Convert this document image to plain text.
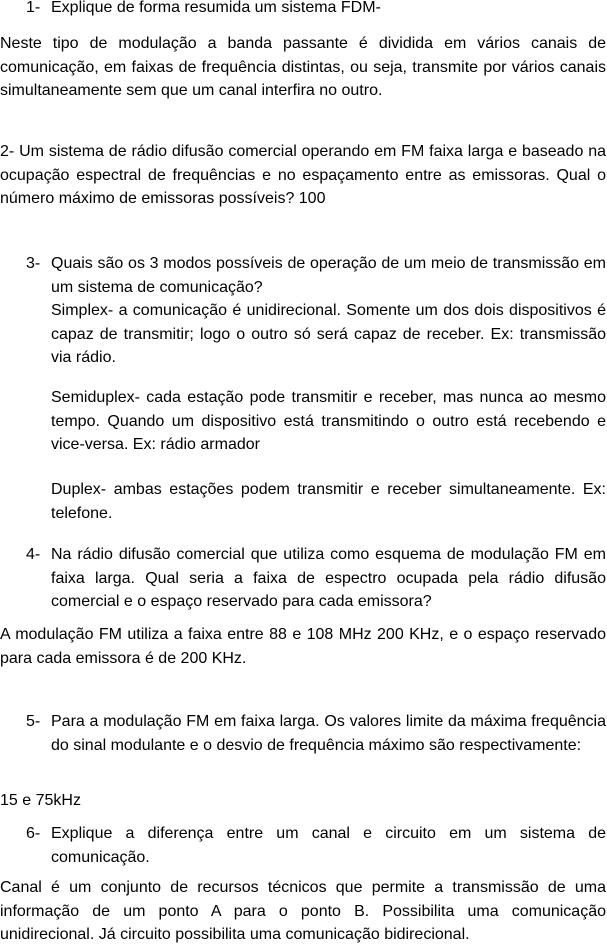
1- Explique de forma resumida um sistema FDM-

Neste tipo de modulação a banda passante é dividida em vários canais de comunicação, em faixas de frequência distintas, ou seja, transmite por vários canais simultaneamente sem que um canal interfira no outro.

2- Um sistema de rádio difusão comercial operando em FM faixa larga e baseado na ocupação espectral de frequências e no espaçamento entre as emissoras. Qual o número máximo de emissoras possíveis? 100

3- Quais são os 3 modos possíveis de operação de um meio de transmissão em um sistema de comunicação?

Simplex- a comunicação é unidirecional. Somente um dos dois dispositivos é capaz de transmitir; logo o outro só será capaz de receber. Ex: transmissão via rádio.

Semiduplex- cada estação pode transmitir e receber, mas nunca ao mesmo tempo. Quando um dispositivo está transmitindo o outro está recebendo e vice-versa. Ex: rádio armador

Duplex- ambas estações podem transmitir e receber simultaneamente. Ex: telefone.

4- Na rádio difusão comercial que utiliza como esquema de modulação FM em faixa larga. Qual seria a faixa de espectro ocupada pela rádio difusão comercial e o espaço reservado para cada emissora?

A modulação FM utiliza a faixa entre 88 e 108 MHz 200 KHz, e o espaço reservado para cada emissora é de 200 KHz.

5- Para a modulação FM em faixa larga. Os valores limite da máxima frequência do sinal modulante e o desvio de frequência máximo são respectivamente:

15 e 75kHz

6- Explique a diferença entre um canal e circuito em um sistema de comunicação.

Canal é um conjunto de recursos técnicos que permite a transmissão de uma informação de um ponto A para o ponto B. Possibilita uma comunicação unidirecional. Já circuito possibilita uma comunicação bidirecional.
